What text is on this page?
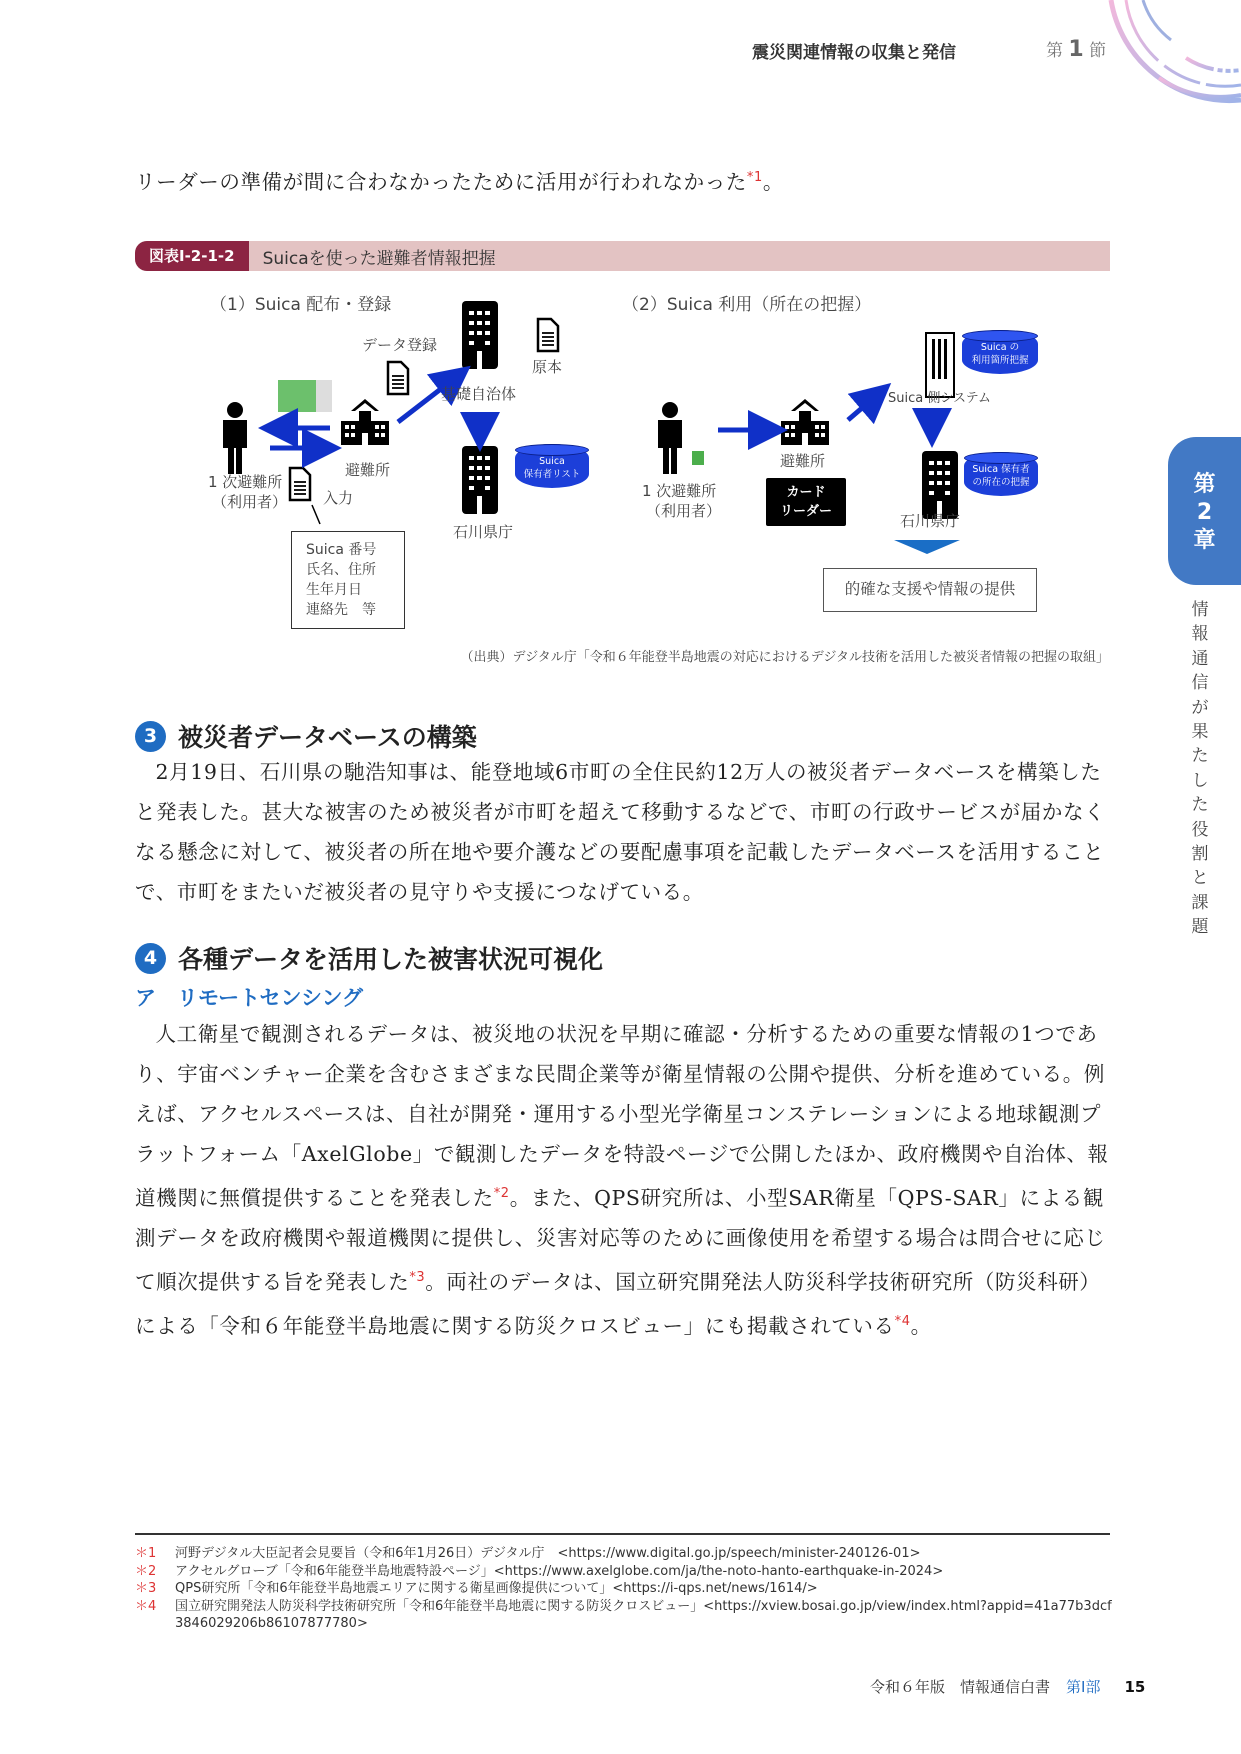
震災関連情報の収集と発信	第 1 節
リーダーの準備が間に合わなかったために活用が行われなかった$^{*1}$。
図表Ⅰ-2-1-2	Suicaを使った避難者情報把握
（1）Suica 配布・登録
データ登録
基礎自治体
原本
避難所
1 次避難所
（利用者） 入力
石川県庁
Suica
保有者リスト
Suica 番号
氏名、住所
生年月日
連絡先　等
（2）Suica 利用（所在の把握）
Suica の
利用箇所把握
Suica 側システム
避難所
カード
リーダー
1 次避難所
（利用者）
石川県庁
Suica 保有者
の所在の把握
的確な支援や情報の提供
（出典）デジタル庁「令和６年能登半島地震の対応におけるデジタル技術を活用した被災者情報の把握の取組」
3 被災者データベースの構築
2月19日、石川県の馳浩知事は、能登地域6市町の全住民約12万人の被災者データベースを構築したと発表した。甚大な被害のため被災者が市町を超えて移動するなどで、市町の行政サービスが届かなくなる懸念に対して、被災者の所在地や要介護などの要配慮事項を記載したデータベースを活用することで、市町をまたいだ被災者の見守りや支援につなげている。
4 各種データを活用した被害状況可視化
ア　リモートセンシング
人工衛星で観測されるデータは、被災地の状況を早期に確認・分析するための重要な情報の1つであり、宇宙ベンチャー企業を含むさまざまな民間企業等が衛星情報の公開や提供、分析を進めている。例えば、アクセルスペースは、自社が開発・運用する小型光学衛星コンステレーションによる地球観測プラットフォーム「AxelGlobe」で観測したデータを特設ページで公開したほか、政府機関や自治体、報道機関に無償提供することを発表した$^{*2}$。また、QPS研究所は、小型SAR衛星「QPS-SAR」による観測データを政府機関や報道機関に提供し、災害対応等のために画像使用を希望する場合は問合せに応じて順次提供する旨を発表した$^{*3}$。両社のデータは、国立研究開発法人防災科学技術研究所（防災科研）による「令和６年能登半島地震に関する防災クロスビュー」にも掲載されている$^{*4}$。
第
2
章
情報通信が果たした役割と課題
＊1	河野デジタル大臣記者会見要旨（令和6年1月26日）デジタル庁　<https://www.digital.go.jp/speech/minister-240126-01>
＊2	アクセルグローブ「令和6年能登半島地震特設ページ」<https://www.axelglobe.com/ja/the-noto-hanto-earthquake-in-2024>
＊3	QPS研究所「令和6年能登半島地震エリアに関する衛星画像提供について」<https://i-qps.net/news/1614/>
＊4	国立研究開発法人防災科学技術研究所「令和6年能登半島地震に関する防災クロスビュー」<https://xview.bosai.go.jp/view/index.html?appid=41a77b3dcf3846029206b86107877780>
令和６年版　情報通信白書 第Ⅰ部 15
